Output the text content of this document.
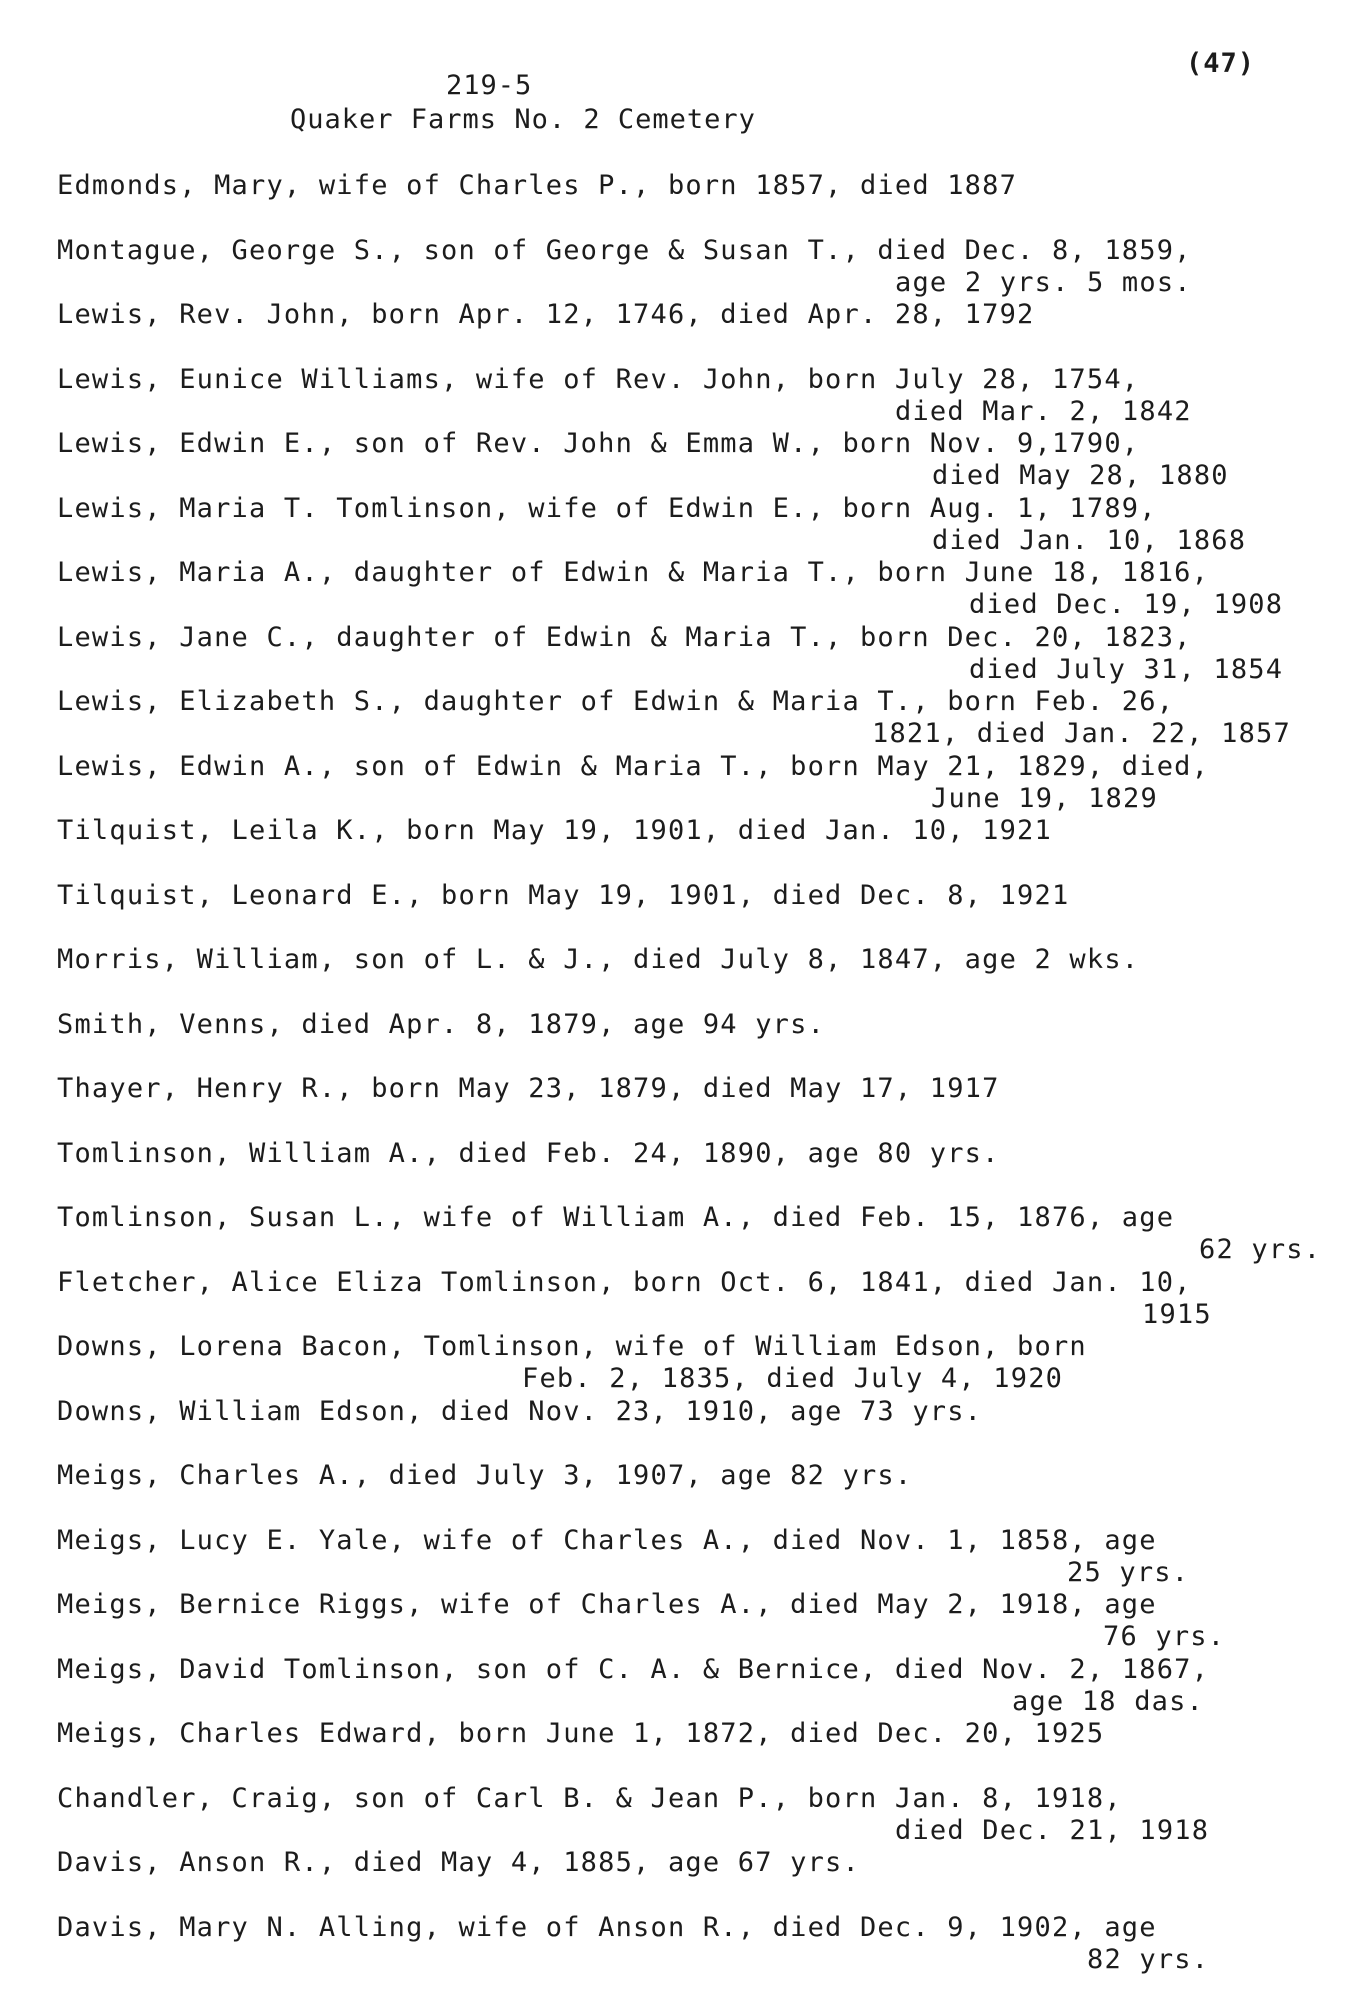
(47)
219-5
Quaker Farms No. 2 Cemetery
Edmonds, Mary, wife of Charles P., born 1857, died 1887
Montague, George S., son of George & Susan T., died Dec. 8, 1859,
age 2 yrs. 5 mos.
Lewis, Rev. John, born Apr. 12, 1746, died Apr. 28, 1792
Lewis, Eunice Williams, wife of Rev. John, born July 28, 1754,
died Mar. 2, 1842
Lewis, Edwin E., son of Rev. John & Emma W., born Nov. 9,1790,
died May 28, 1880
Lewis, Maria T. Tomlinson, wife of Edwin E., born Aug. 1, 1789,
died Jan. 10, 1868
Lewis, Maria A., daughter of Edwin & Maria T., born June 18, 1816,
died Dec. 19, 1908
Lewis, Jane C., daughter of Edwin & Maria T., born Dec. 20, 1823,
died July 31, 1854
Lewis, Elizabeth S., daughter of Edwin & Maria T., born Feb. 26,
1821, died Jan. 22, 1857
Lewis, Edwin A., son of Edwin & Maria T., born May 21, 1829, died,
June 19, 1829
Tilquist, Leila K., born May 19, 1901, died Jan. 10, 1921
Tilquist, Leonard E., born May 19, 1901, died Dec. 8, 1921
Morris, William, son of L. & J., died July 8, 1847, age 2 wks.
Smith, Venns, died Apr. 8, 1879, age 94 yrs.
Thayer, Henry R., born May 23, 1879, died May 17, 1917
Tomlinson, William A., died Feb. 24, 1890, age 80 yrs.
Tomlinson, Susan L., wife of William A., died Feb. 15, 1876, age
62 yrs.
Fletcher, Alice Eliza Tomlinson, born Oct. 6, 1841, died Jan. 10,
1915
Downs, Lorena Bacon, Tomlinson, wife of William Edson, born
Feb. 2, 1835, died July 4, 1920
Downs, William Edson, died Nov. 23, 1910, age 73 yrs.
Meigs, Charles A., died July 3, 1907, age 82 yrs.
Meigs, Lucy E. Yale, wife of Charles A., died Nov. 1, 1858, age
25 yrs.
Meigs, Bernice Riggs, wife of Charles A., died May 2, 1918, age
76 yrs.
Meigs, David Tomlinson, son of C. A. & Bernice, died Nov. 2, 1867,
age 18 das.
Meigs, Charles Edward, born June 1, 1872, died Dec. 20, 1925
Chandler, Craig, son of Carl B. & Jean P., born Jan. 8, 1918,
died Dec. 21, 1918
Davis, Anson R., died May 4, 1885, age 67 yrs.
Davis, Mary N. Alling, wife of Anson R., died Dec. 9, 1902, age
82 yrs.
